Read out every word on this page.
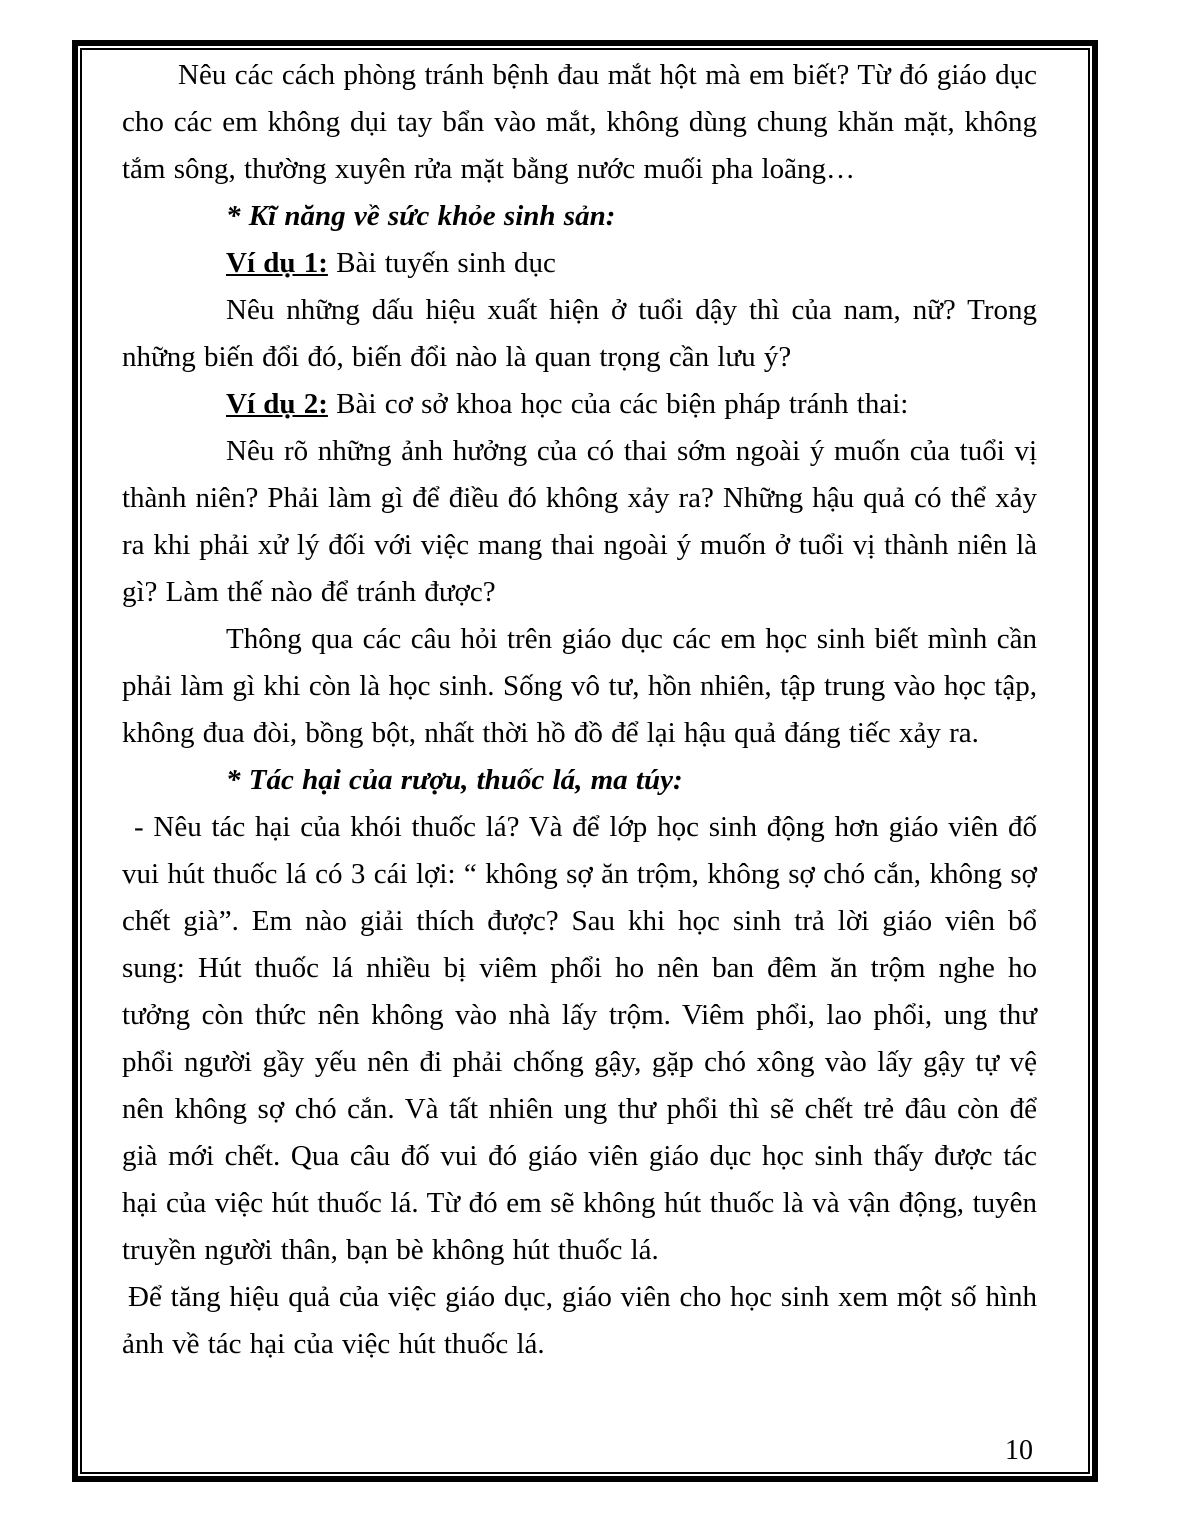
Nêu các cách phòng tránh bệnh đau mắt hột mà em biết? Từ đó giáo dục cho các em không dụi tay bẩn vào mắt, không dùng chung khăn mặt, không tắm sông, thường xuyên rửa mặt bằng nước muối pha loãng…

* Kĩ năng về sức khỏe sinh sản:

Ví dụ 1: Bài tuyến sinh dục

Nêu những dấu hiệu xuất hiện ở tuổi dậy thì của nam, nữ? Trong những biến đổi đó, biến đổi nào là quan trọng cần lưu ý?

Ví dụ 2: Bài cơ sở khoa học của các biện pháp tránh thai:

Nêu rõ những ảnh hưởng của có thai sớm ngoài ý muốn của tuổi vị thành niên? Phải làm gì để điều đó không xảy ra? Những hậu quả có thể xảy ra khi phải xử lý đối với việc mang thai ngoài ý muốn ở tuổi vị thành niên là gì? Làm thế nào để tránh được?

Thông qua các câu hỏi trên giáo dục các em học sinh biết mình cần phải làm gì khi còn là học sinh. Sống vô tư, hồn nhiên, tập trung vào học tập, không đua đòi, bồng bột, nhất thời hồ đồ để lại hậu quả đáng tiếc xảy ra.

* Tác hại của rượu, thuốc lá, ma túy:

- Nêu tác hại của khói thuốc lá? Và để lớp học sinh động hơn giáo viên đố vui hút thuốc lá có 3 cái lợi: “ không sợ ăn trộm, không sợ chó cắn, không sợ chết già”. Em nào giải thích được? Sau khi học sinh trả lời giáo viên bổ sung: Hút thuốc lá nhiều bị viêm phổi ho nên ban đêm ăn trộm nghe ho tưởng còn thức nên không vào nhà lấy trộm. Viêm phổi, lao phổi, ung thư phổi người gầy yếu nên đi phải chống gậy, gặp chó xông vào lấy gậy tự vệ nên không sợ chó cắn. Và tất nhiên ung thư phổi thì sẽ chết trẻ đâu còn để già mới chết. Qua câu đố vui đó giáo viên giáo dục học sinh thấy được tác hại của việc hút thuốc lá. Từ đó em sẽ không hút thuốc là và vận động, tuyên truyền người thân, bạn bè không hút thuốc lá.

Để tăng hiệu quả của việc giáo dục, giáo viên cho học sinh xem một số hình ảnh về tác hại của việc hút thuốc lá.

10
